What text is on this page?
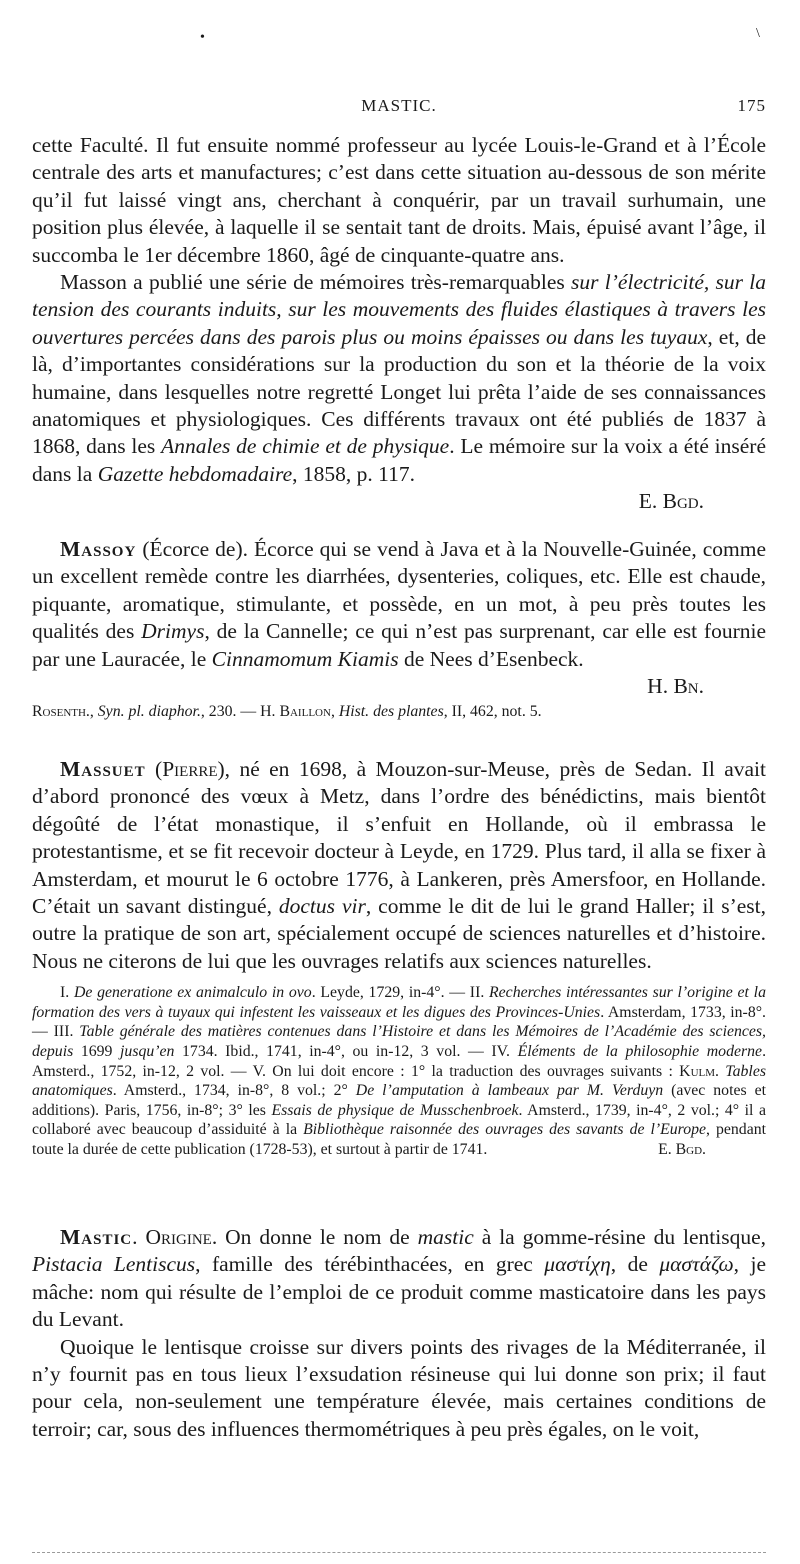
•	\
MASTIC.	175

cette Faculté. Il fut ensuite nommé professeur au lycée Louis-le-Grand et à l’École centrale des arts et manufactures; c’est dans cette situation au-dessous de son mérite qu’il fut laissé vingt ans, cherchant à conquérir, par un travail surhumain, une position plus élevée, à laquelle il se sentait tant de droits. Mais, épuisé avant l’âge, il succomba le 1er décembre 1860, âgé de cinquante-quatre ans.

Masson a publié une série de mémoires très-remarquables sur l’électricité, sur la tension des courants induits, sur les mouvements des fluides élastiques à travers les ouvertures percées dans des parois plus ou moins épaisses ou dans les tuyaux, et, de là, d’importantes considérations sur la production du son et la théorie de la voix humaine, dans lesquelles notre regretté Longet lui prêta l’aide de ses connaissances anatomiques et physiologiques. Ces différents travaux ont été publiés de 1837 à 1868, dans les Annales de chimie et de physique. Le mémoire sur la voix a été inséré dans la Gazette hebdomadaire, 1858, p. 117.

E. Bgd.

Massoy (Écorce de). Écorce qui se vend à Java et à la Nouvelle-Guinée, comme un excellent remède contre les diarrhées, dysenteries, coliques, etc. Elle est chaude, piquante, aromatique, stimulante, et possède, en un mot, à peu près toutes les qualités des Drimys, de la Cannelle; ce qui n’est pas surprenant, car elle est fournie par une Lauracée, le Cinnamomum Kiamis de Nees d’Esenbeck.

H. Bn.

Rosenth., Syn. pl. diaphor., 230. — H. Baillon, Hist. des plantes, II, 462, not. 5.

Massuet (Pierre), né en 1698, à Mouzon-sur-Meuse, près de Sedan. Il avait d’abord prononcé des vœux à Metz, dans l’ordre des bénédictins, mais bientôt dégoûté de l’état monastique, il s’enfuit en Hollande, où il embrassa le protestantisme, et se fit recevoir docteur à Leyde, en 1729. Plus tard, il alla se fixer à Amsterdam, et mourut le 6 octobre 1776, à Lankeren, près Amersfoor, en Hollande. C’était un savant distingué, doctus vir, comme le dit de lui le grand Haller; il s’est, outre la pratique de son art, spécialement occupé de sciences naturelles et d’histoire. Nous ne citerons de lui que les ouvrages relatifs aux sciences naturelles.

I. De generatione ex animalculo in ovo. Leyde, 1729, in-4°. — II. Recherches intéressantes sur l’origine et la formation des vers à tuyaux qui infestent les vaisseaux et les digues des Provinces-Unies. Amsterdam, 1733, in-8°. — III. Table générale des matières contenues dans l’Histoire et dans les Mémoires de l’Académie des sciences, depuis 1699 jusqu’en 1734. Ibid., 1741, in-4°, ou in-12, 3 vol. — IV. Éléments de la philosophie moderne. Amsterd., 1752, in-12, 2 vol. — V. On lui doit encore : 1° la traduction des ouvrages suivants : Kulm. Tables anatomiques. Amsterd., 1734, in-8°, 8 vol.; 2° De l’amputation à lambeaux par M. Verduyn (avec notes et additions). Paris, 1756, in-8°; 3° les Essais de physique de Musschenbroek. Amsterd., 1739, in-4°, 2 vol.; 4° il a collaboré avec beaucoup d’assiduité à la Bibliothèque raisonnée des ouvrages des savants de l’Europe, pendant toute la durée de cette publication (1728-53), et surtout à partir de 1741.	E. Bgd.

Mastic. Origine. On donne le nom de mastic à la gomme-résine du lentisque, Pistacia Lentiscus, famille des térébinthacées, en grec μαστίχη, de μαστάζω, je mâche: nom qui résulte de l’emploi de ce produit comme masticatoire dans les pays du Levant.

Quoique le lentisque croisse sur divers points des rivages de la Méditerranée, il n’y fournit pas en tous lieux l’exsudation résineuse qui lui donne son prix; il faut pour cela, non-seulement une température élevée, mais certaines conditions de terroir; car, sous des influences thermométriques à peu près égales, on le voit,
